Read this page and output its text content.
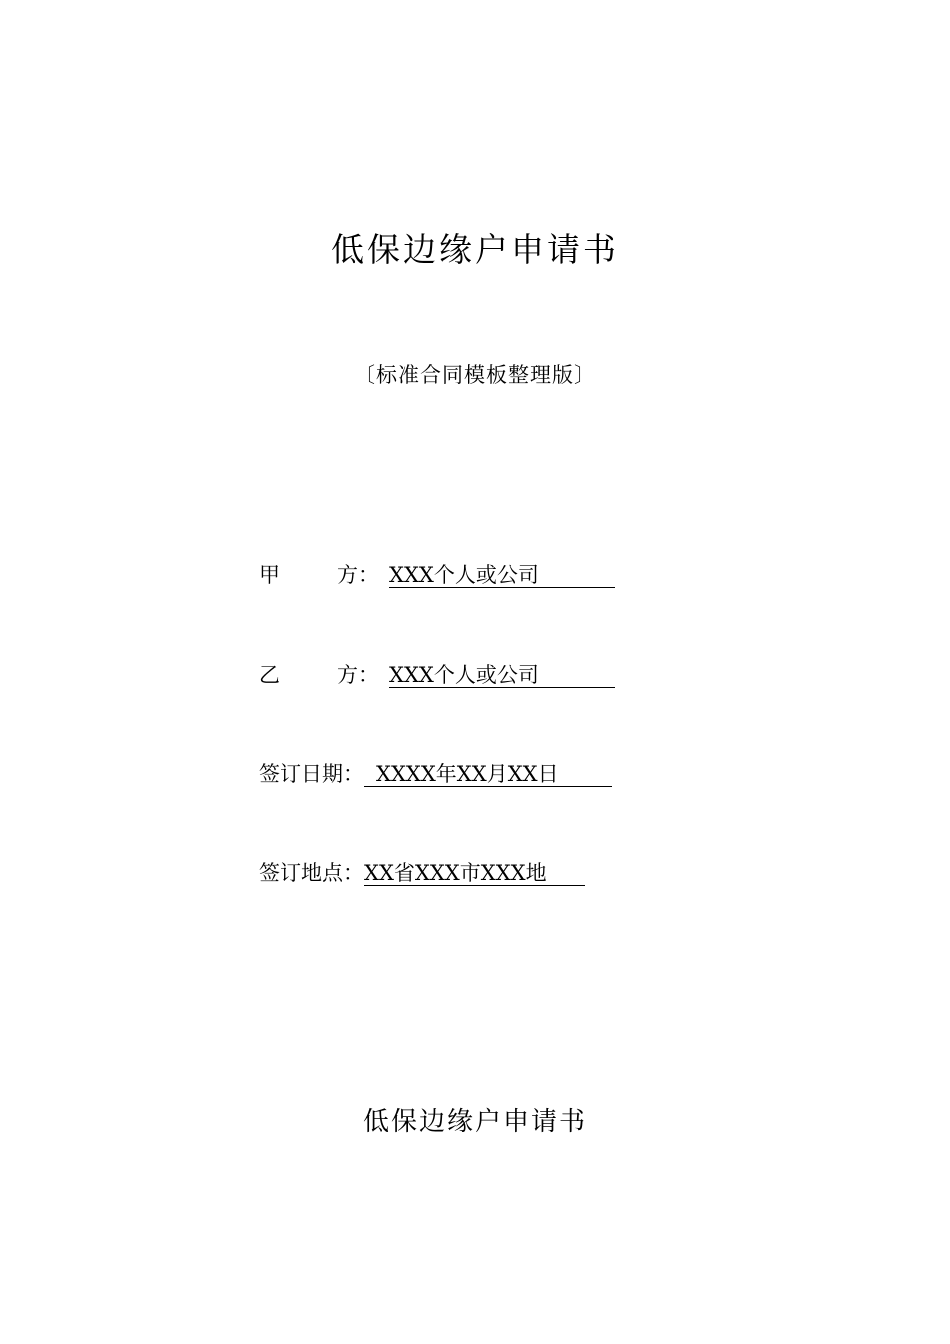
低保边缘户申请书
〔标准合同模板整理版〕
甲	方： XXX个人或公司
乙	方： XXX个人或公司
签订日期： XXXX年XX月XX日
签订地点：XX省XXX市XXX地
低保边缘户申请书
